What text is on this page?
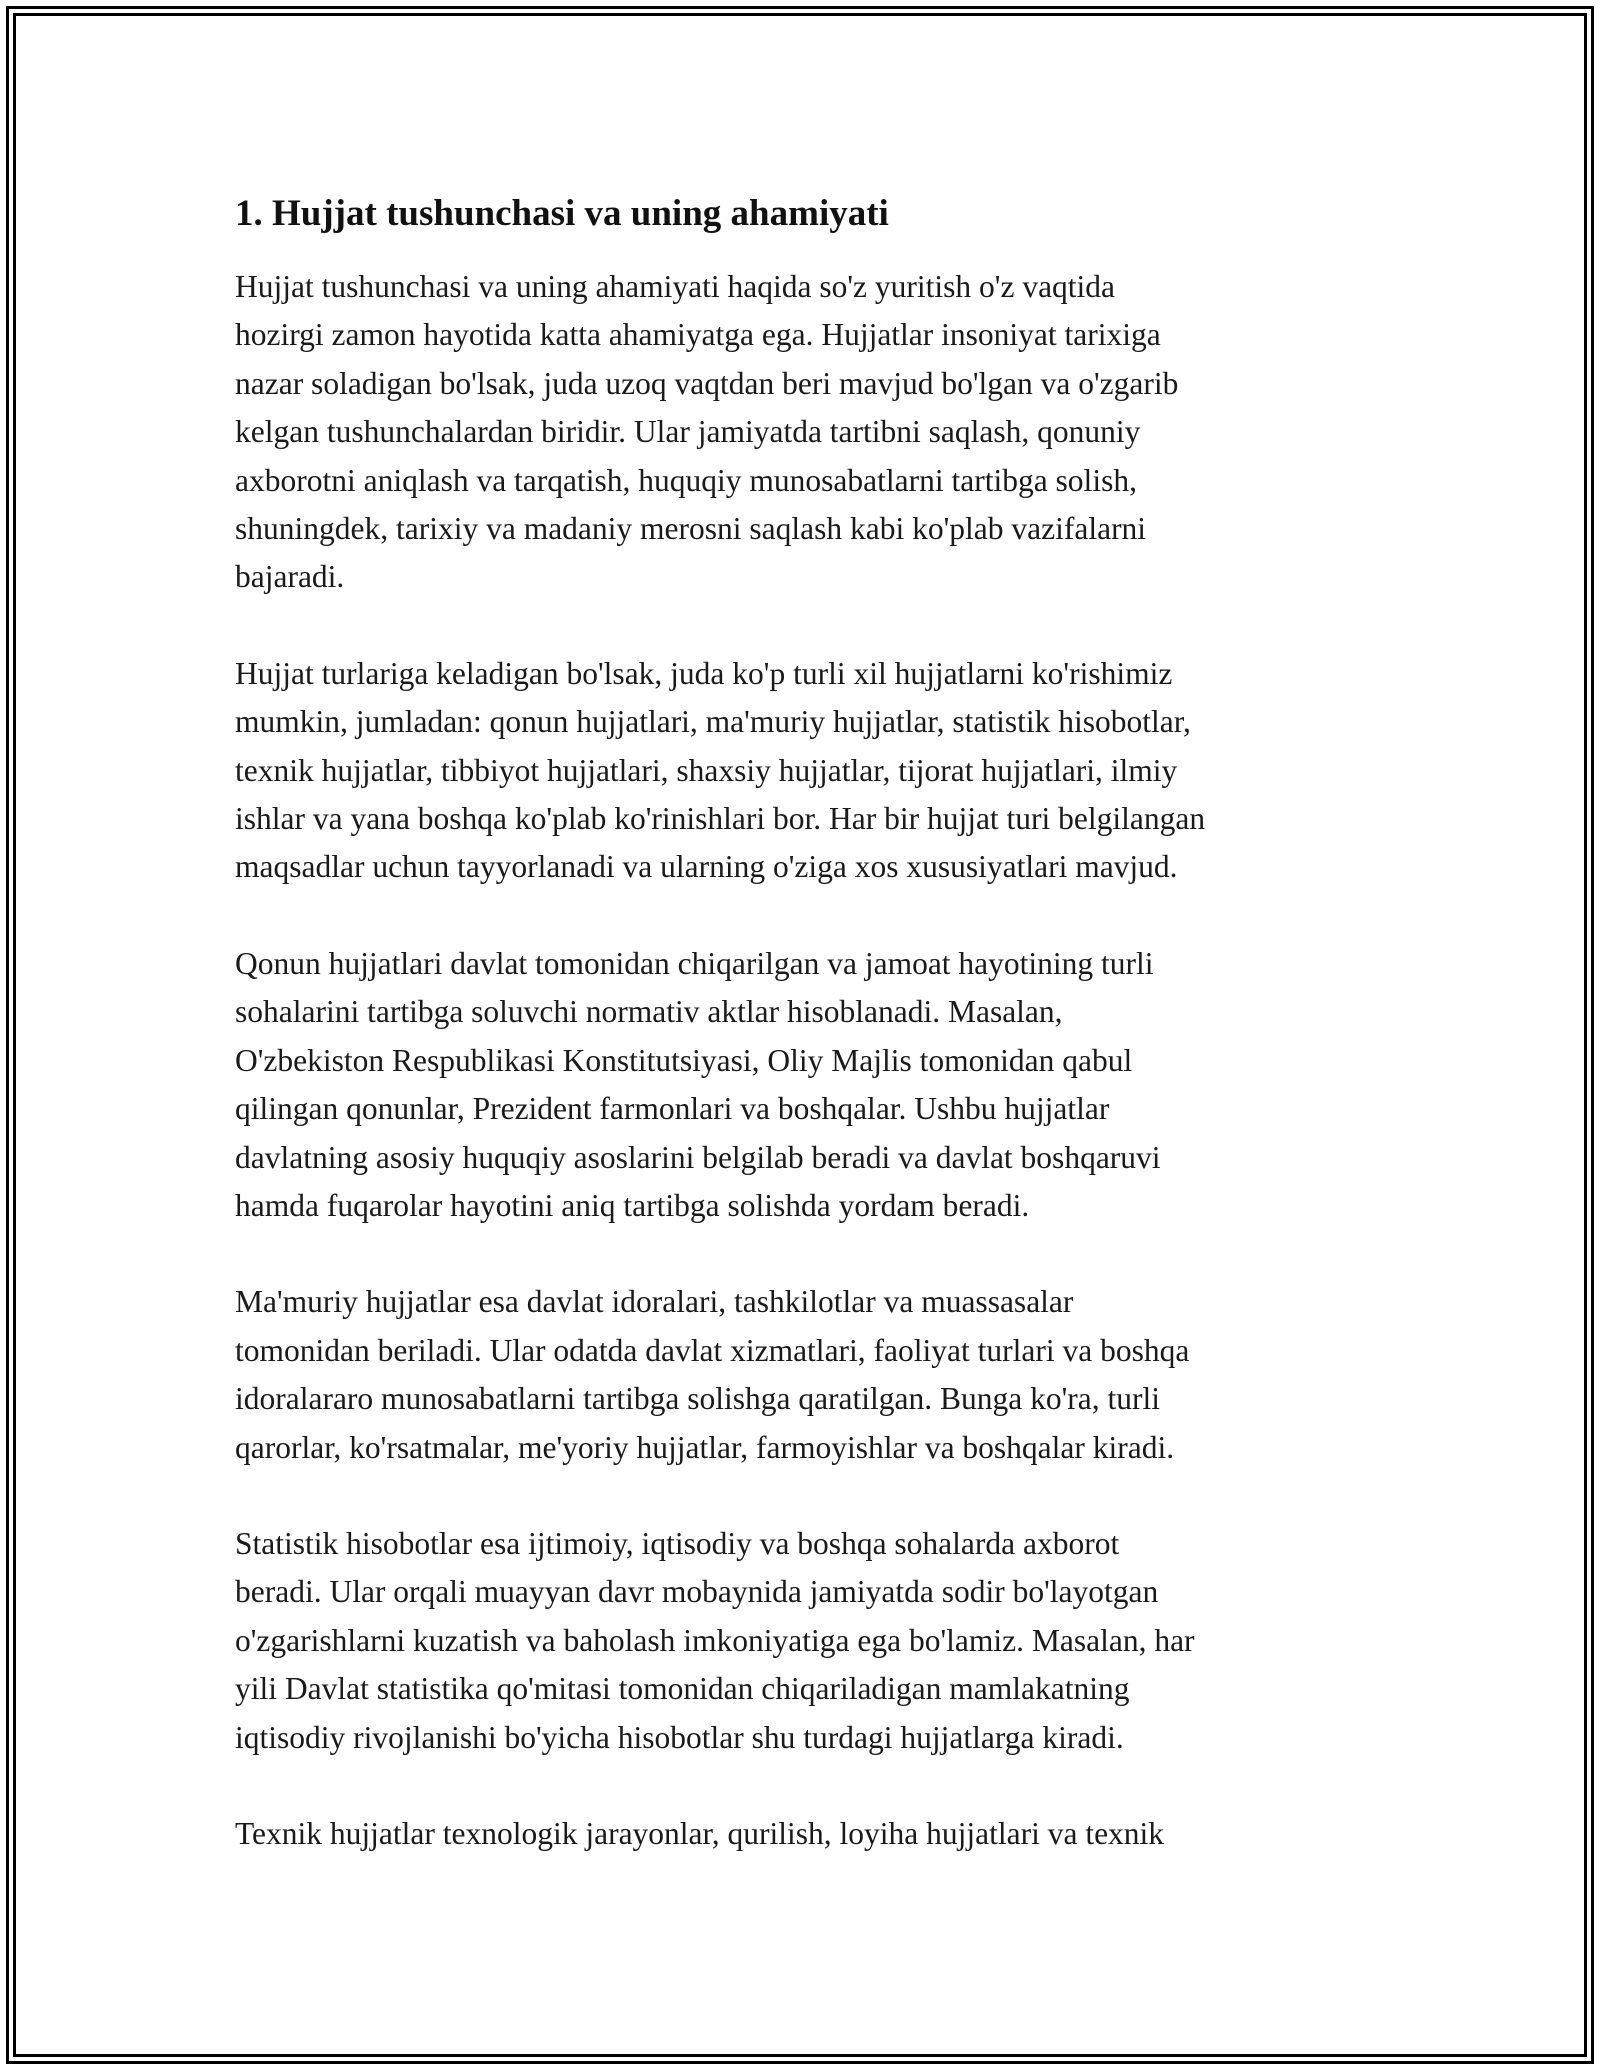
1. Hujjat tushunchasi va uning ahamiyati

Hujjat tushunchasi va uning ahamiyati haqida so'z yuritish o'z vaqtida
hozirgi zamon hayotida katta ahamiyatga ega. Hujjatlar insoniyat tarixiga
nazar soladigan bo'lsak, juda uzoq vaqtdan beri mavjud bo'lgan va o'zgarib
kelgan tushunchalardan biridir. Ular jamiyatda tartibni saqlash, qonuniy
axborotni aniqlash va tarqatish, huquqiy munosabatlarni tartibga solish,
shuningdek, tarixiy va madaniy merosni saqlash kabi ko'plab vazifalarni
bajaradi.

Hujjat turlariga keladigan bo'lsak, juda ko'p turli xil hujjatlarni ko'rishimiz
mumkin, jumladan: qonun hujjatlari, ma'muriy hujjatlar, statistik hisobotlar,
texnik hujjatlar, tibbiyot hujjatlari, shaxsiy hujjatlar, tijorat hujjatlari, ilmiy
ishlar va yana boshqa ko'plab ko'rinishlari bor. Har bir hujjat turi belgilangan
maqsadlar uchun tayyorlanadi va ularning o'ziga xos xususiyatlari mavjud.

Qonun hujjatlari davlat tomonidan chiqarilgan va jamoat hayotining turli
sohalarini tartibga soluvchi normativ aktlar hisoblanadi. Masalan,
O'zbekiston Respublikasi Konstitutsiyasi, Oliy Majlis tomonidan qabul
qilingan qonunlar, Prezident farmonlari va boshqalar. Ushbu hujjatlar
davlatning asosiy huquqiy asoslarini belgilab beradi va davlat boshqaruvi
hamda fuqarolar hayotini aniq tartibga solishda yordam beradi.

Ma'muriy hujjatlar esa davlat idoralari, tashkilotlar va muassasalar
tomonidan beriladi. Ular odatda davlat xizmatlari, faoliyat turlari va boshqa
idoralararo munosabatlarni tartibga solishga qaratilgan. Bunga ko'ra, turli
qarorlar, ko'rsatmalar, me'yoriy hujjatlar, farmoyishlar va boshqalar kiradi.

Statistik hisobotlar esa ijtimoiy, iqtisodiy va boshqa sohalarda axborot
beradi. Ular orqali muayyan davr mobaynida jamiyatda sodir bo'layotgan
o'zgarishlarni kuzatish va baholash imkoniyatiga ega bo'lamiz. Masalan, har
yili Davlat statistika qo'mitasi tomonidan chiqariladigan mamlakatning
iqtisodiy rivojlanishi bo'yicha hisobotlar shu turdagi hujjatlarga kiradi.

Texnik hujjatlar texnologik jarayonlar, qurilish, loyiha hujjatlari va texnik
